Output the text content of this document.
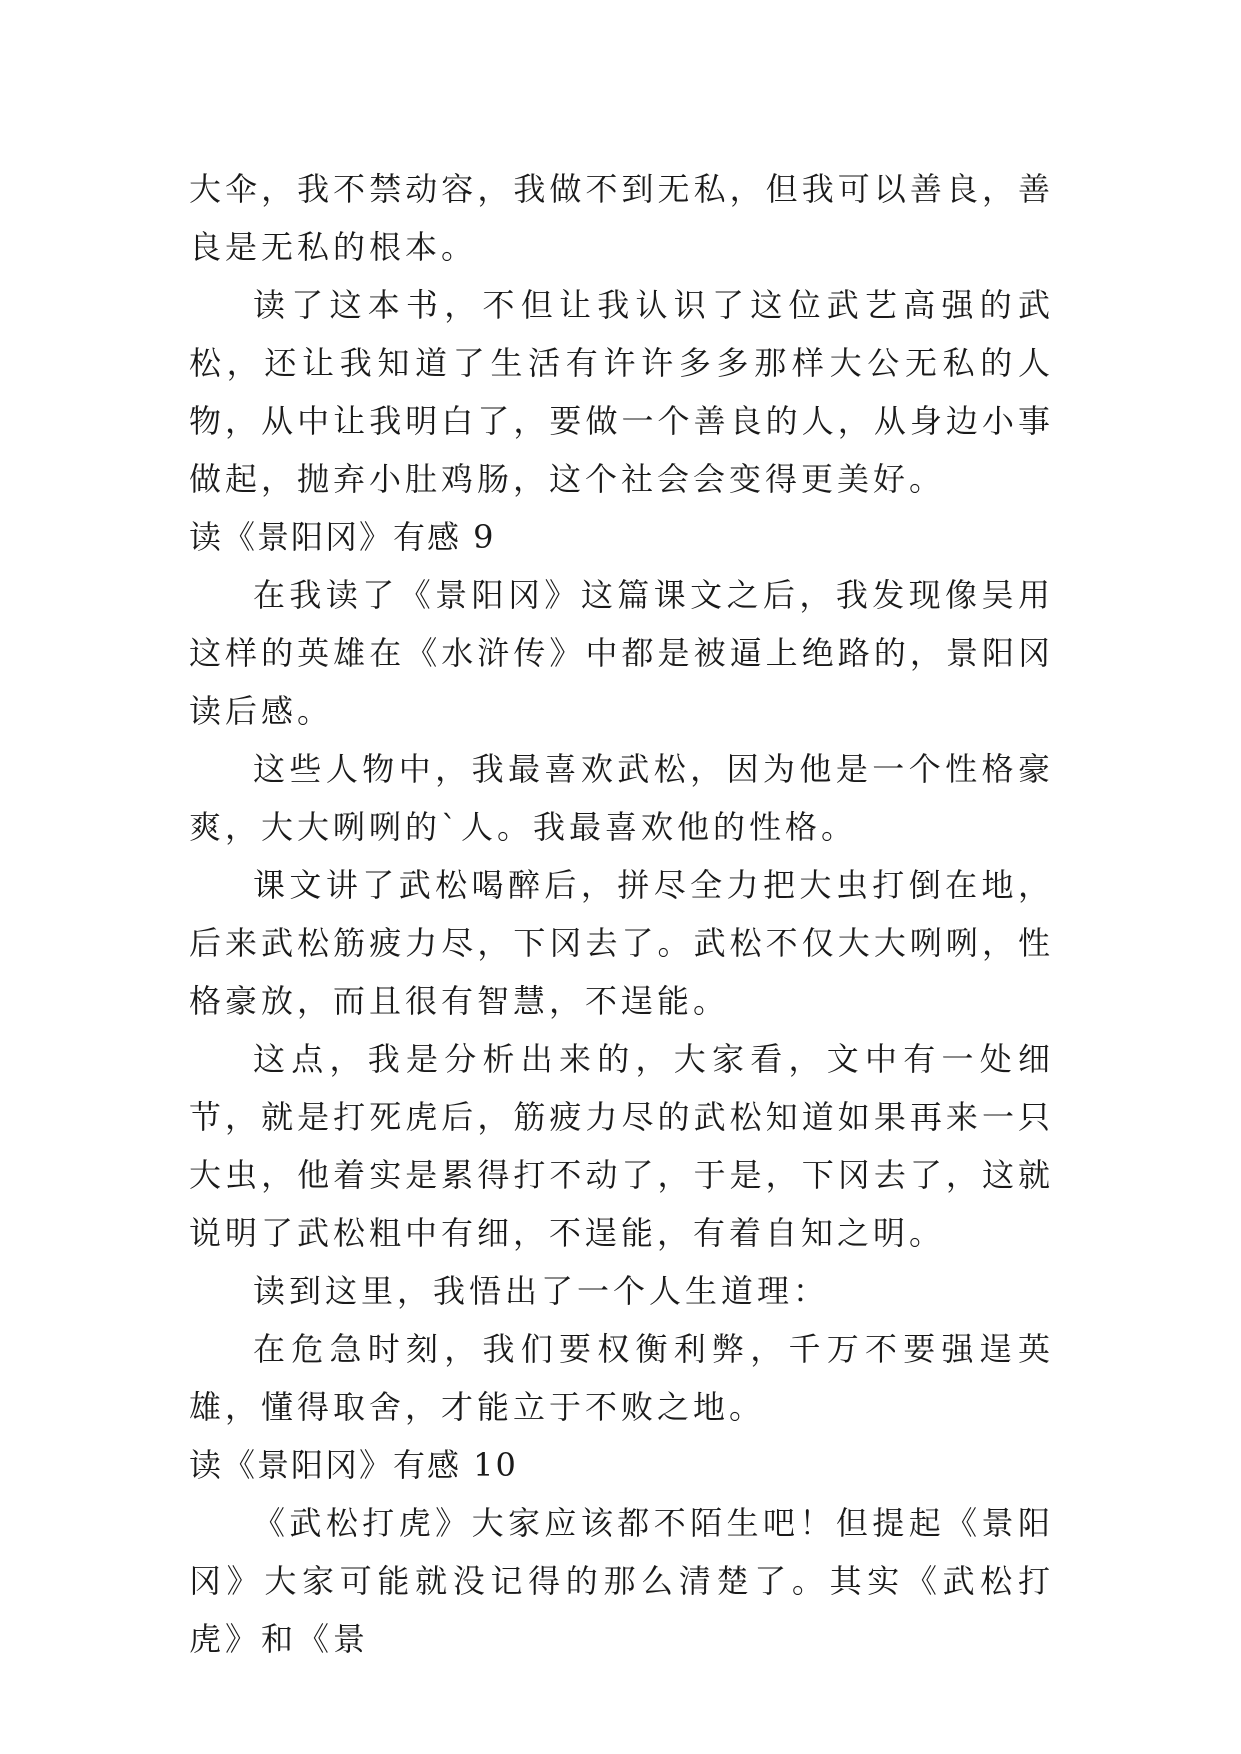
大伞，我不禁动容，我做不到无私，但我可以善良，善良是无私的根本。

读了这本书，不但让我认识了这位武艺高强的武松，还让我知道了生活有许许多多那样大公无私的人物，从中让我明白了，要做一个善良的人，从身边小事做起，抛弃小肚鸡肠，这个社会会变得更美好。

读《景阳冈》有感 9

在我读了《景阳冈》这篇课文之后，我发现像吴用这样的英雄在《水浒传》中都是被逼上绝路的，景阳冈读后感。

这些人物中，我最喜欢武松，因为他是一个性格豪爽，大大咧咧的`人。我最喜欢他的性格。

课文讲了武松喝醉后，拼尽全力把大虫打倒在地，后来武松筋疲力尽，下冈去了。武松不仅大大咧咧，性格豪放，而且很有智慧，不逞能。

这点，我是分析出来的，大家看，文中有一处细节，就是打死虎后，筋疲力尽的武松知道如果再来一只大虫，他着实是累得打不动了，于是，下冈去了，这就说明了武松粗中有细，不逞能，有着自知之明。

读到这里，我悟出了一个人生道理：

在危急时刻，我们要权衡利弊，千万不要强逞英雄，懂得取舍，才能立于不败之地。

读《景阳冈》有感 10

《武松打虎》大家应该都不陌生吧！但提起《景阳冈》大家可能就没记得的那么清楚了。其实《武松打虎》和《景
